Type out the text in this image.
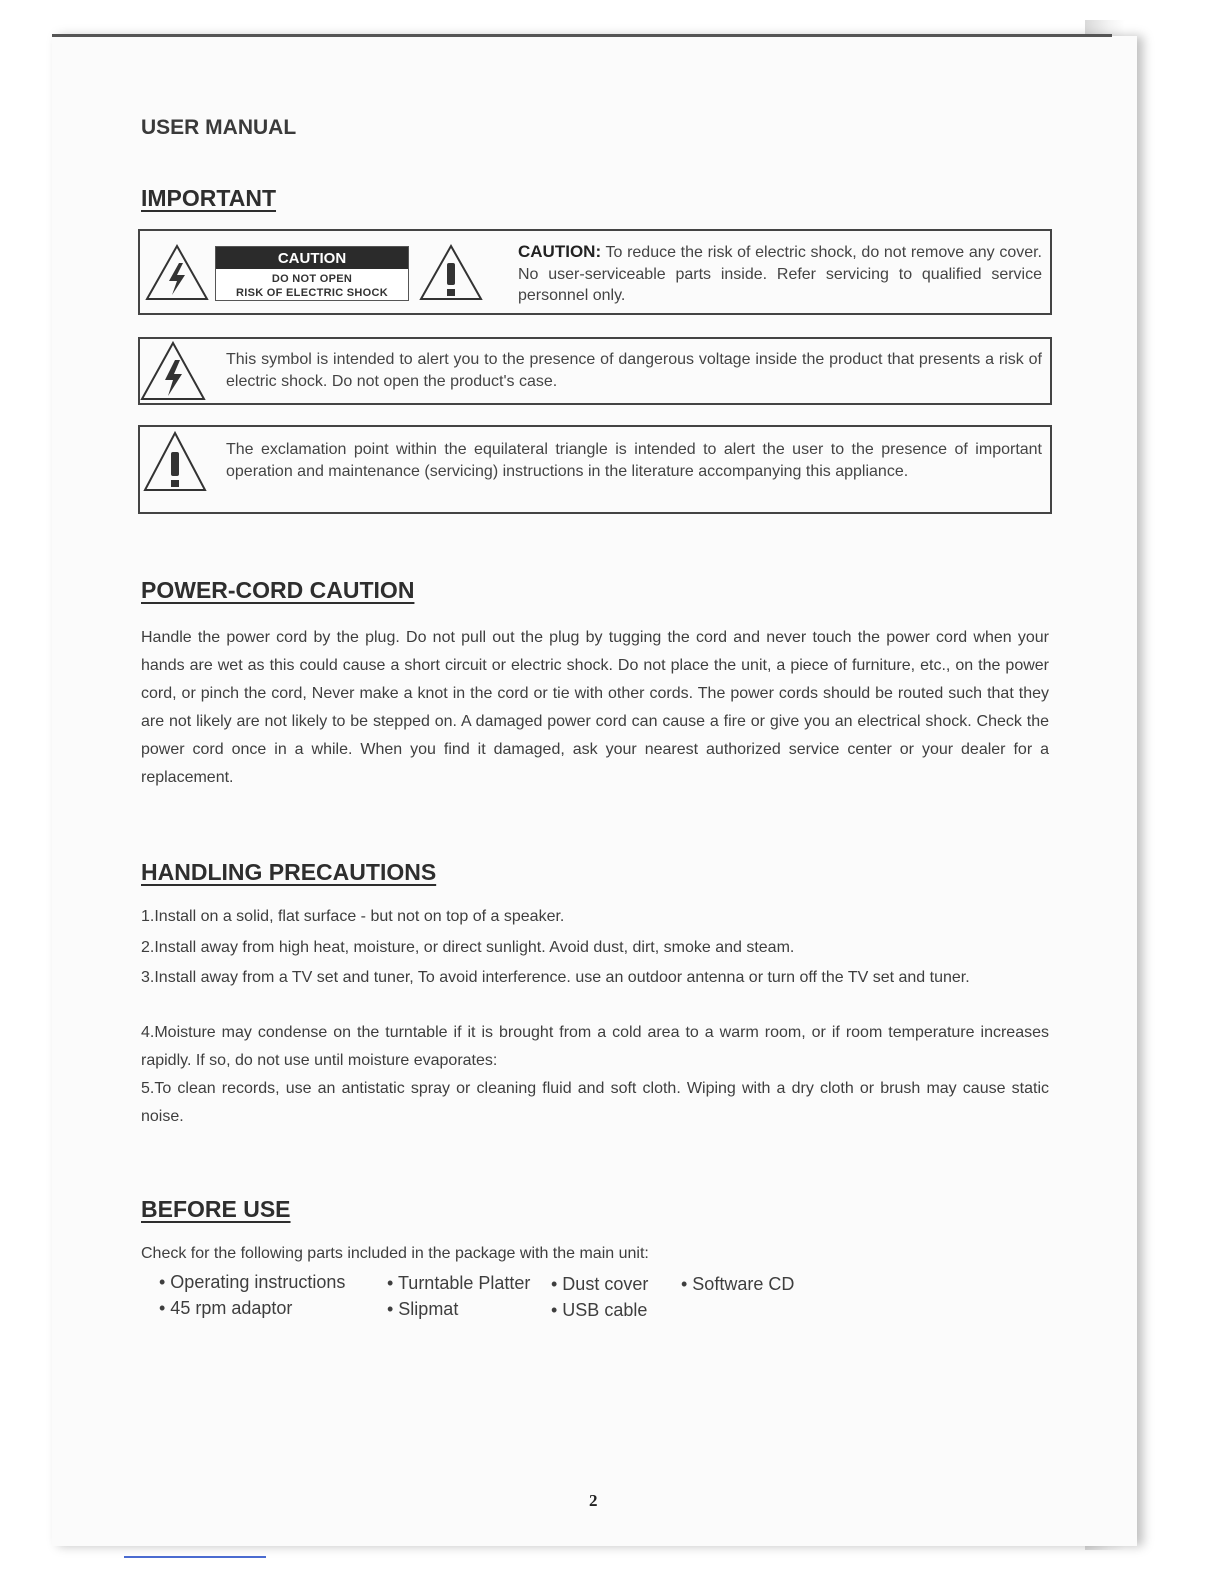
USER MANUAL
IMPORTANT
CAUTION: To reduce the risk of electric shock, do not remove any cover. No user-serviceable parts inside. Refer servicing to qualified service personnel only.
CAUTION
DO NOT OPEN
RISK OF ELECTRIC SHOCK
This symbol is intended to alert you to the presence of dangerous voltage inside the product that presents a risk of electric shock. Do not open the product's case.
The exclamation point within the equilateral triangle is intended to alert the user to the presence of important operation and maintenance (servicing) instructions in the literature accompanying this appliance.
POWER-CORD CAUTION
Handle the power cord by the plug. Do not pull out the plug by tugging the cord and never touch the power cord when your hands are wet as this could cause a short circuit or electric shock. Do not place the unit, a piece of furniture, etc., on the power cord, or pinch the cord, Never make a knot in the cord or tie with other cords. The power cords should be routed such that they are not likely are not likely to be stepped on. A damaged power cord can cause a fire or give you an electrical shock. Check the power cord once in a while. When you find it damaged, ask your nearest authorized service center or your dealer for a replacement.
HANDLING PRECAUTIONS
1.Install on a solid, flat surface - but not on top of a speaker.
2.Install away from high heat, moisture, or direct sunlight. Avoid dust, dirt, smoke and steam.
3.Install away from a TV set and tuner, To avoid interference. use an outdoor antenna or turn off the TV set and tuner.
4.Moisture may condense on the turntable if it is brought from a cold area to a warm room, or if room temperature increases rapidly. If so, do not use until moisture evaporates:
5.To clean records, use an antistatic spray or cleaning fluid and soft cloth. Wiping with a dry cloth or brush may cause static noise.
BEFORE USE
Check for the following parts included in the package with the main unit:
• Operating instructions • Turntable Platter • Dust cover • Software CD
• 45 rpm adaptor	• Slipmat	• USB cable
2
